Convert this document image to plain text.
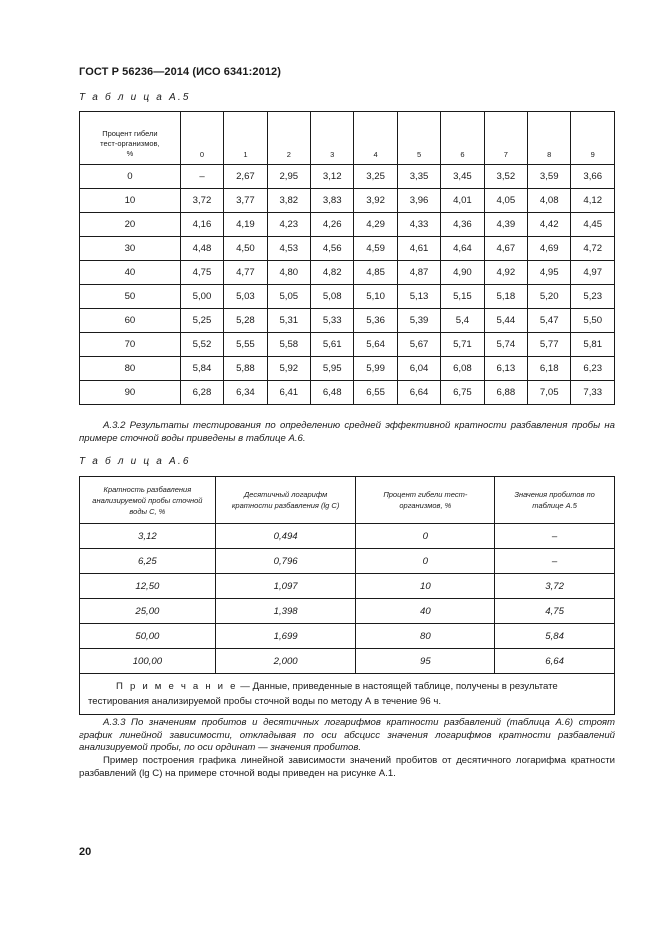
ГОСТ Р 56236—2014 (ИСО 6341:2012)
Т а б л и ц а А.5
Процент гибели
тест-организмов,
%	0	1	2	3	4	5	6	7	8	9
0	–	2,67	2,95	3,12	3,25	3,35	3,45	3,52	3,59	3,66
10	3,72	3,77	3,82	3,83	3,92	3,96	4,01	4,05	4,08	4,12
20	4,16	4,19	4,23	4,26	4,29	4,33	4,36	4,39	4,42	4,45
30	4,48	4,50	4,53	4,56	4,59	4,61	4,64	4,67	4,69	4,72
40	4,75	4,77	4,80	4,82	4,85	4,87	4,90	4,92	4,95	4,97
50	5,00	5,03	5,05	5,08	5,10	5,13	5,15	5,18	5,20	5,23
60	5,25	5,28	5,31	5,33	5,36	5,39	5,4	5,44	5,47	5,50
70	5,52	5,55	5,58	5,61	5,64	5,67	5,71	5,74	5,77	5,81
80	5,84	5,88	5,92	5,95	5,99	6,04	6,08	6,13	6,18	6,23
90	6,28	6,34	6,41	6,48	6,55	6,64	6,75	6,88	7,05	7,33
А.3.2 Результаты тестирования по определению средней эффективной кратности разбавления пробы на примере сточной воды приведены в таблице А.6.
Т а б л и ц а А.6
Кратность разбавления анализируемой пробы сточной воды С, %	Десятичный логарифм кратности разбавления (lg C)	Процент гибели тест-организмов, %	Значения пробитов по таблице А.5
3,12	0,494	0	–
6,25	0,796	0	–
12,50	1,097	10	3,72
25,00	1,398	40	4,75
50,00	1,699	80	5,84
100,00	2,000	95	6,64
П р и м е ч а н и е — Данные, приведенные в настоящей таблице, получены в результате тестирования анализируемой пробы сточной воды по методу А в течение 96 ч.			
А.3.3 По значениям пробитов и десятичных логарифмов кратности разбавлений (таблица А.6) строят график линейной зависимости, откладывая по оси абсцисс значения логарифмов кратности разбавлений анализируемой пробы, по оси ординат — значения пробитов.
Пример построения графика линейной зависимости значений пробитов от десятичного логарифма кратности разбавлений (lg C) на примере сточной воды приведен на рисунке А.1.
20
